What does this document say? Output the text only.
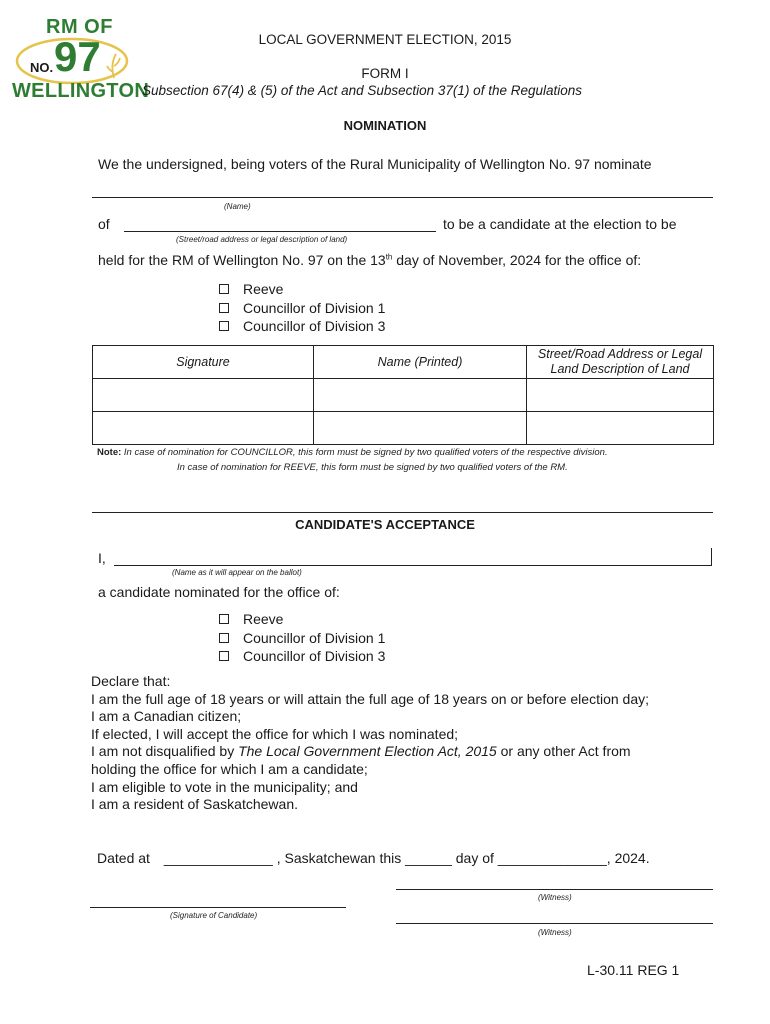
RM OF
NO. 97
WELLINGTON
LOCAL GOVERNMENT ELECTION, 2015
FORM I
Subsection 67(4) & (5) of the Act and Subsection 37(1) of the Regulations
NOMINATION
We the undersigned, being voters of the Rural Municipality of Wellington No. 97 nominate
(Name)
of	to be a candidate at the election to be
(Street/road address or legal description of land)
held for the RM of Wellington No. 97 on the 13th day of November, 2024 for the office of:
Reeve
Councillor of Division 1
Councillor of Division 3
Signature	Name (Printed)	Street/Road Address or Legal Land Description of Land

Note: In case of nomination for COUNCILLOR, this form must be signed by two qualified voters of the respective division.
In case of nomination for REEVE, this form must be signed by two qualified voters of the RM.
CANDIDATE'S ACCEPTANCE
I,
(Name as it will appear on the ballot)
a candidate nominated for the office of:
Reeve
Councillor of Division 1
Councillor of Division 3
Declare that:
I am the full age of 18 years or will attain the full age of 18 years on or before election day;
I am a Canadian citizen;
If elected, I will accept the office for which I was nominated;
I am not disqualified by The Local Government Election Act, 2015 or any other Act from
holding the office for which I am a candidate;
I am eligible to vote in the municipality; and
I am a resident of Saskatchewan.
Dated at ______________ , Saskatchewan this ______ day of ______________, 2024.
(Witness)
(Signature of Candidate)
(Witness)
L-30.11 REG 1
